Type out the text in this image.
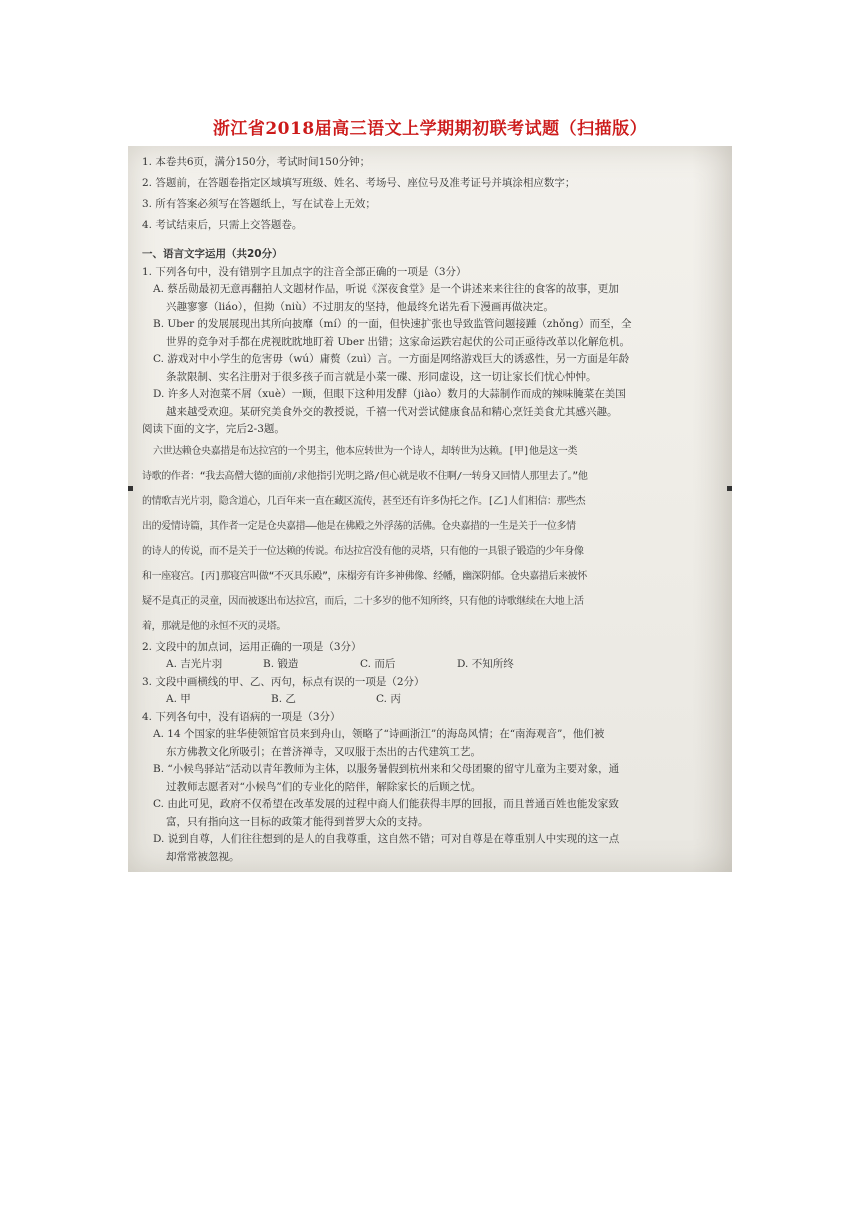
浙江省2018届高三语文上学期期初联考试题（扫描版）

1. 本卷共6页，满分150分，考试时间150分钟；

2. 答题前，在答题卷指定区域填写班级、姓名、考场号、座位号及准考证号并填涂相应数字；

3. 所有答案必须写在答题纸上，写在试卷上无效；

4. 考试结束后，只需上交答题卷。

一、语言文字运用（共20分）

1. 下列各句中，没有错别字且加点字的注音全部正确的一项是（3分）

A. 蔡岳勋最初无意再翻拍人文题材作品，听说《深夜食堂》是一个讲述来来往往的食客的故事，更加

兴趣寥寥（liáo），但拗（niù）不过朋友的坚持，他最终允诺先看下漫画再做决定。

B. Uber 的发展展现出其所向披靡（mí）的一面，但快速扩张也导致监管问题接踵（zhǒng）而至，全

世界的竞争对手都在虎视眈眈地盯着 Uber 出错；这家命运跌宕起伏的公司正亟待改革以化解危机。

C. 游戏对中小学生的危害毋（wú）庸赘（zuì）言。一方面是网络游戏巨大的诱惑性，另一方面是年龄

条款限制、实名注册对于很多孩子而言就是小菜一碟、形同虚设，这一切让家长们忧心忡忡。

D. 许多人对泡菜不屑（xuè）一顾，但眼下这种用发酵（jiào）数月的大蒜制作而成的辣味腌菜在美国

越来越受欢迎。某研究美食外交的教授说，千禧一代对尝试健康食品和精心烹饪美食尤其感兴趣。

阅读下面的文字，完后2-3题。

六世达赖仓央嘉措是布达拉宫的一个男主，他本应转世为一个诗人，却转世为达赖。[甲]他是这一类

诗歌的作者：“我去高僧大德的面前/求他指引光明之路/但心就是收不住啊/一转身又回情人那里去了。”他

的情歌吉光片羽，隐含道心，几百年来一直在藏区流传，甚至还有许多伪托之作。[乙]人们相信：那些杰

出的爱情诗篇，其作者一定是仓央嘉措——他是在佛殿之外浮荡的活佛。仓央嘉措的一生是关于一位多情

的诗人的传说，而不是关于一位达赖的传说。布达拉宫没有他的灵塔，只有他的一具银子锻造的少年身像

和一座寝宫。[丙]那寝宫叫做“不灭具乐殿”，床榻旁有许多神佛像、经幡，幽深阴郁。仓央嘉措后来被怀

疑不是真正的灵童，因而被逐出布达拉宫，而后，二十多岁的他不知所终，只有他的诗歌继续在大地上活

着，那就是他的永恒不灭的灵塔。

2. 文段中的加点词，运用正确的一项是（3分）

A. 吉光片羽	B. 锻造	C. 而后	D. 不知所终

3. 文段中画横线的甲、乙、丙句，标点有误的一项是（2分）

A. 甲	B. 乙	C. 丙

4. 下列各句中，没有语病的一项是（3分）

A. 14 个国家的驻华使领馆官员来到舟山，领略了“诗画浙江”的海岛风情；在“南海观音”，他们被

东方佛教文化所吸引；在普济禅寺，又叹服于杰出的古代建筑工艺。

B. “小候鸟驿站”活动以青年教师为主体，以服务暑假到杭州来和父母团聚的留守儿童为主要对象，通

过教师志愿者对“小候鸟”们的专业化的陪伴，解除家长的后顾之忧。

C. 由此可见，政府不仅希望在改革发展的过程中商人们能获得丰厚的回报，而且普通百姓也能发家致

富，只有指向这一目标的政策才能得到普罗大众的支持。

D. 说到自尊，人们往往想到的是人的自我尊重，这自然不错；可对自尊是在尊重别人中实现的这一点

却常常被忽视。
